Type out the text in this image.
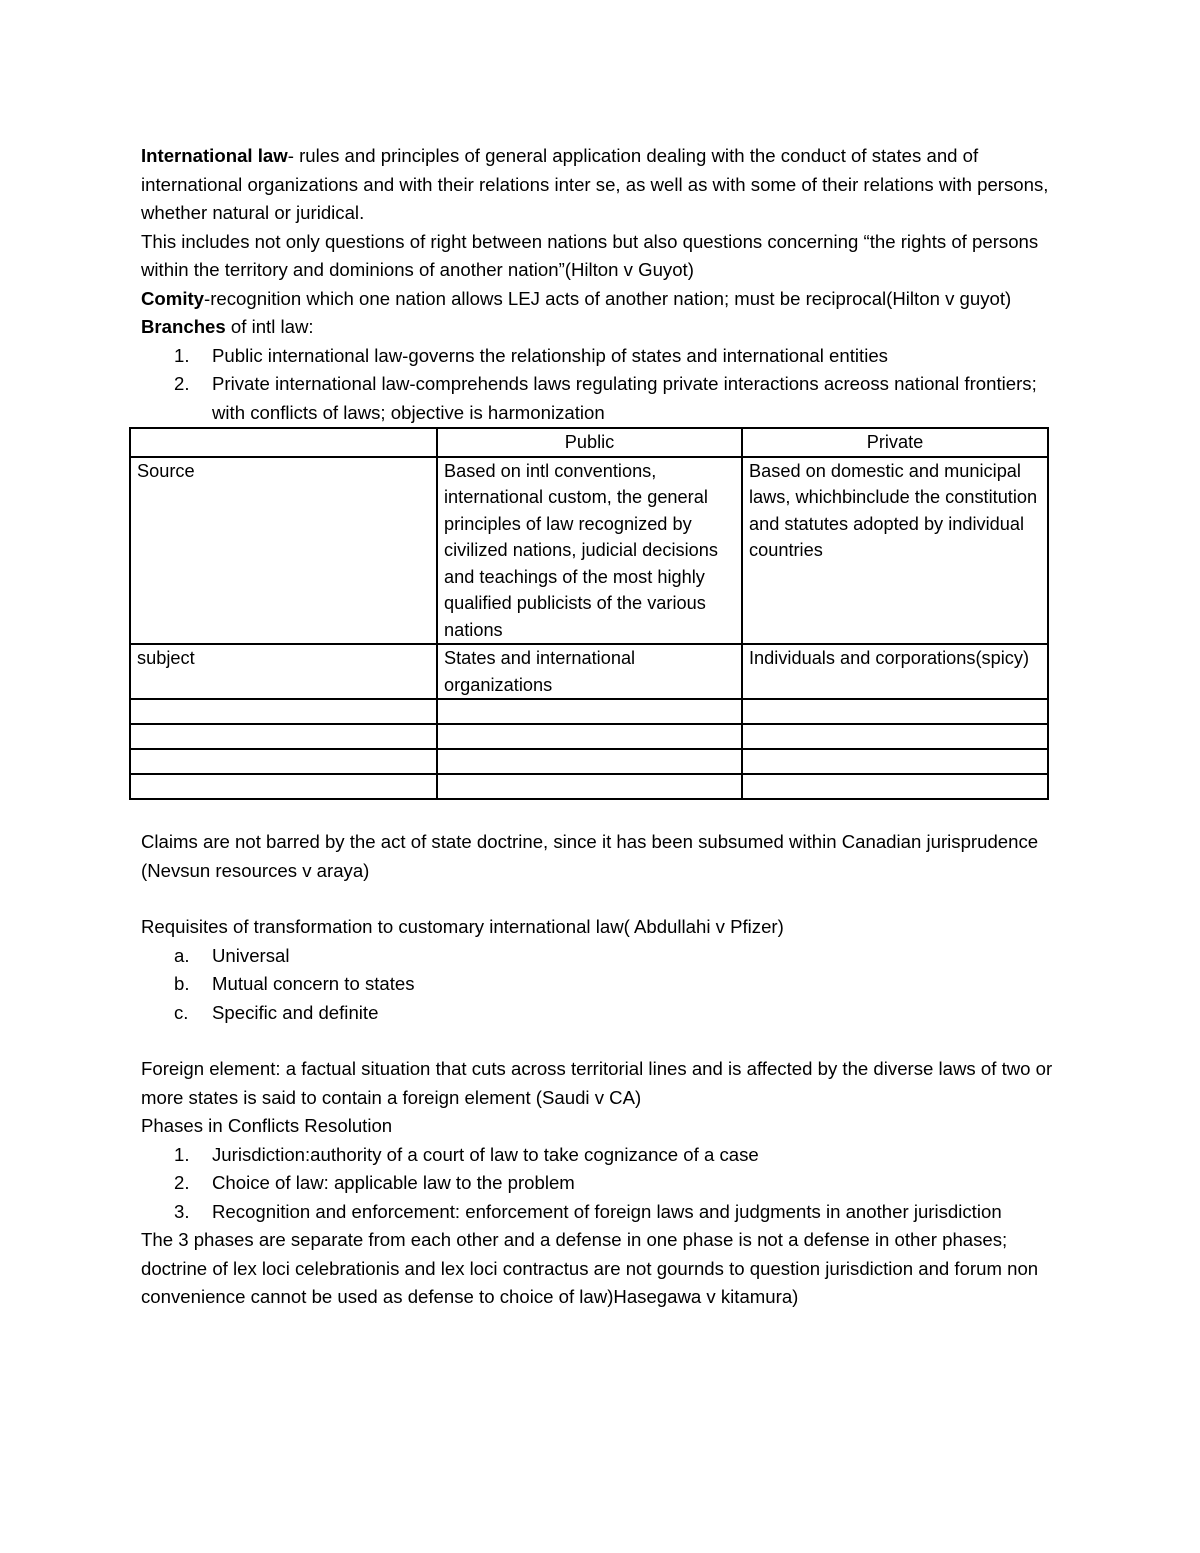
International law- rules and principles of general application dealing with the conduct of states and of international organizations and with their relations inter se, as well as with some of their relations with persons, whether natural or juridical.

This includes not only questions of right between nations but also questions concerning “the rights of persons within the territory and dominions of another nation”(Hilton v Guyot)

Comity-recognition which one nation allows LEJ acts of another nation; must be reciprocal(Hilton v guyot)

Branches of intl law:

1. Public international law-governs the relationship of states and international entities
2. Private international law-comprehends laws regulating private interactions acreoss national frontiers; with conflicts of laws; objective is harmonization
	Public	Private
Source	Based on intl conventions, international custom, the general principles of law recognized by civilized nations, judicial decisions and teachings of the most highly qualified publicists of the various nations	Based on domestic and municipal laws, whichbinclude the constitution and statutes adopted by individual countries
subject	States and international organizations	Individuals and corporations(spicy)

Claims are not barred by the act of state doctrine, since it has been subsumed within Canadian jurisprudence (Nevsun resources v araya)

Requisites of transformation to customary international law( Abdullahi v Pfizer)

a. Universal
b. Mutual concern to states
c. Specific and definite

Foreign element: a factual situation that cuts across territorial lines and is affected by the diverse laws of two or more states is said to contain a foreign element (Saudi v CA)

Phases in Conflicts Resolution

1. Jurisdiction:authority of a court of law to take cognizance of a case
2. Choice of law: applicable law to the problem
3. Recognition and enforcement: enforcement of foreign laws and judgments in another jurisdiction

The 3 phases are separate from each other and a defense in one phase is not a defense in other phases; doctrine of lex loci celebrationis and lex loci contractus are not gournds to question jurisdiction and forum non convenience cannot be used as defense to choice of law)Hasegawa v kitamura)
